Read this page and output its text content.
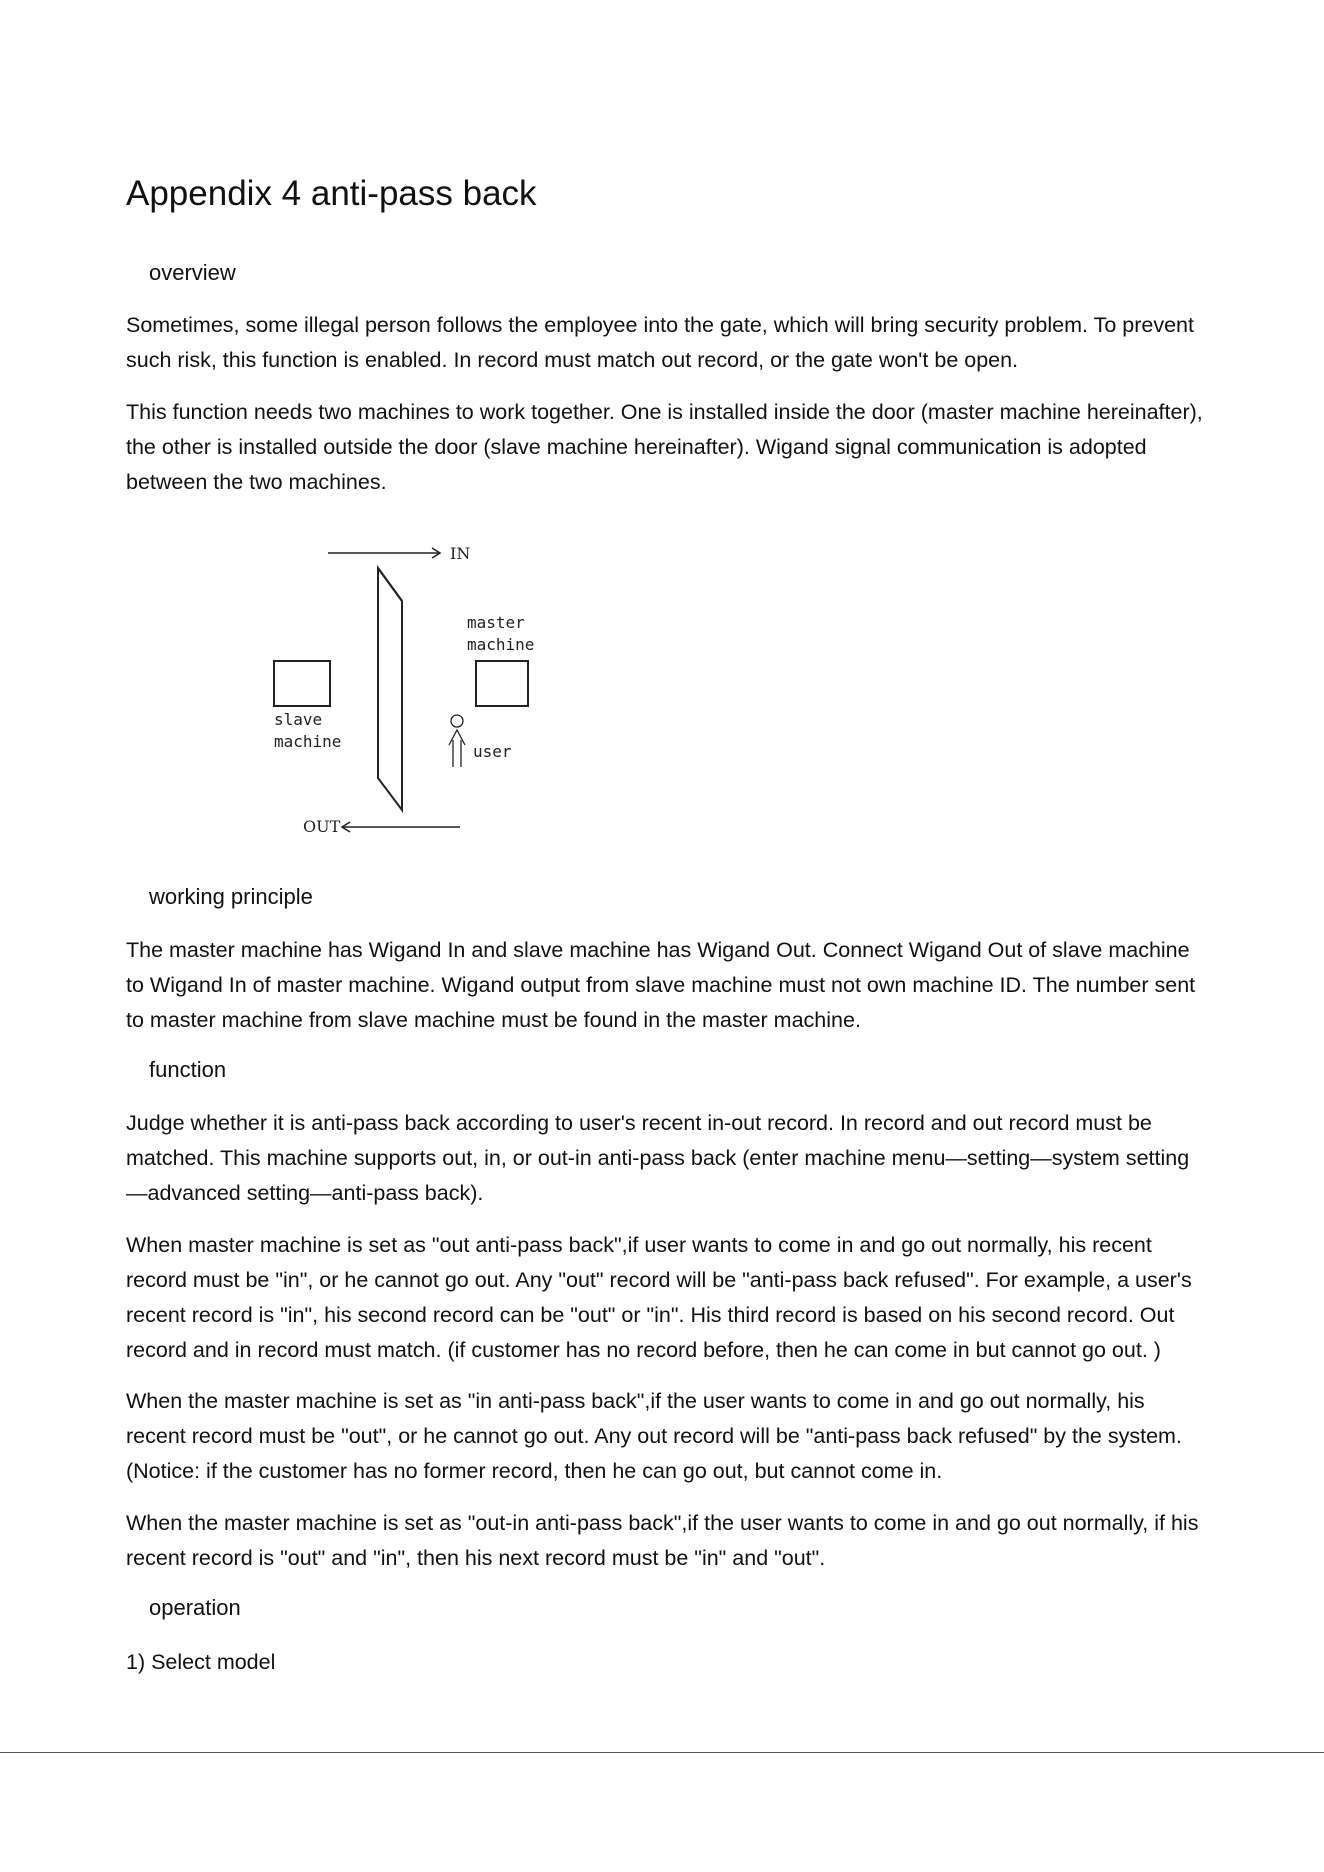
Appendix 4 anti-pass back
overview

Sometimes, some illegal person follows the employee into the gate, which will bring security problem. To prevent such risk, this function is enabled. In record must match out record, or the gate won't be open.

This function needs two machines to work together. One is installed inside the door (master machine hereinafter), the other is installed outside the door (slave machine hereinafter). Wigand signal communication is adopted between the two machines.

IN
master
machine
slave
machine
user
OUT
working principle

The master machine has Wigand In and slave machine has Wigand Out. Connect Wigand Out of slave machine to Wigand In of master machine. Wigand output from slave machine must not own machine ID. The number sent to master machine from slave machine must be found in the master machine.

function

Judge whether it is anti-pass back according to user's recent in-out record. In record and out record must be matched. This machine supports out, in, or out-in anti-pass back (enter machine menu—setting—system setting—advanced setting—anti-pass back).

When master machine is set as "out anti-pass back",if user wants to come in and go out normally, his recent record must be "in", or he cannot go out. Any "out" record will be "anti-pass back refused". For example, a user's recent record is "in", his second record can be "out" or "in". His third record is based on his second record. Out record and in record must match. (if customer has no record before, then he can come in but cannot go out. )

When the master machine is set as "in anti-pass back",if the user wants to come in and go out normally, his recent record must be "out", or he cannot go out. Any out record will be "anti-pass back refused" by the system. (Notice: if the customer has no former record, then he can go out, but cannot come in.

When the master machine is set as "out-in anti-pass back",if the user wants to come in and go out normally, if his recent record is "out" and "in", then his next record must be "in" and "out".

operation

1) Select model
